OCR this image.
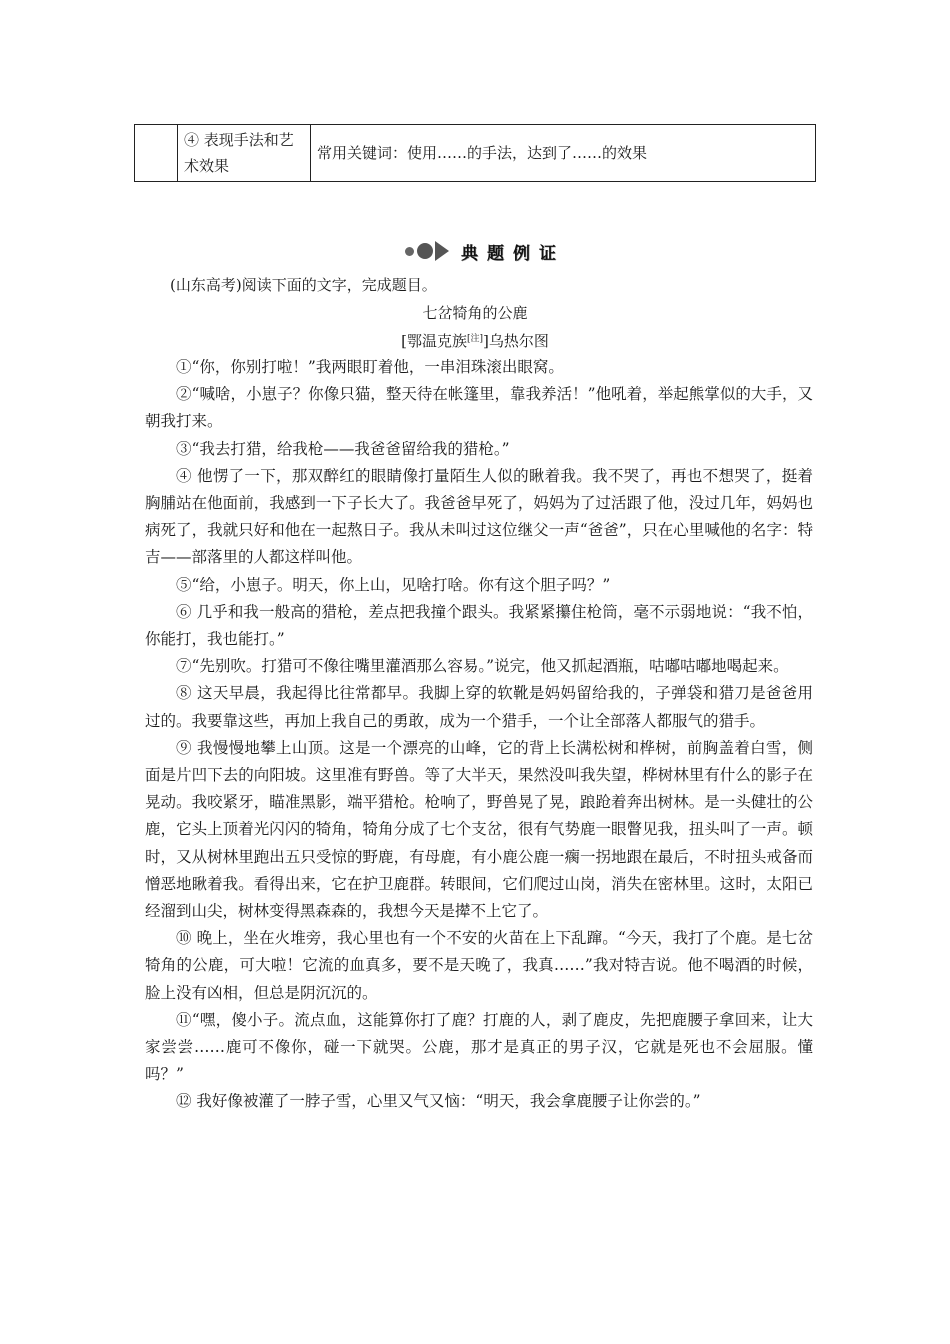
	④ 表现手法和艺术效果	常用关键词：使用……的手法，达到了……的效果
典题例证
(山东高考)阅读下面的文字，完成题目。
七岔犄角的公鹿
[鄂温克族[注]]乌热尔图

①“你，你别打啦！”我两眼盯着他，一串泪珠滚出眼窝。

②“喊啥，小崽子？你像只猫，整天待在帐篷里，靠我养活！”他吼着，举起熊掌似的大手，又朝我打来。

③“我去打猎，给我枪——我爸爸留给我的猎枪。”

④ 他愣了一下，那双醉红的眼睛像打量陌生人似的瞅着我。我不哭了，再也不想哭了，挺着胸脯站在他面前，我感到一下子长大了。我爸爸早死了，妈妈为了过活跟了他，没过几年，妈妈也病死了，我就只好和他在一起熬日子。我从未叫过这位继父一声“爸爸”，只在心里喊他的名字：特吉——部落里的人都这样叫他。

⑤“给，小崽子。明天，你上山，见啥打啥。你有这个胆子吗？”

⑥ 几乎和我一般高的猎枪，差点把我撞个跟头。我紧紧攥住枪筒，毫不示弱地说：“我不怕，你能打，我也能打。”

⑦“先别吹。打猎可不像往嘴里灌酒那么容易。”说完，他又抓起酒瓶，咕嘟咕嘟地喝起来。

⑧ 这天早晨，我起得比往常都早。我脚上穿的软靴是妈妈留给我的，子弹袋和猎刀是爸爸用过的。我要靠这些，再加上我自己的勇敢，成为一个猎手，一个让全部落人都服气的猎手。

⑨ 我慢慢地攀上山顶。这是一个漂亮的山峰，它的背上长满松树和桦树，前胸盖着白雪，侧面是片凹下去的向阳坡。这里准有野兽。等了大半天，果然没叫我失望，桦树林里有什么的影子在晃动。我咬紧牙，瞄准黑影，端平猎枪。枪响了，野兽晃了晃，踉跄着奔出树林。是一头健壮的公鹿，它头上顶着光闪闪的犄角，犄角分成了七个支岔，很有气势鹿一眼瞥见我，扭头叫了一声。顿时，又从树林里跑出五只受惊的野鹿，有母鹿，有小鹿公鹿一瘸一拐地跟在最后，不时扭头戒备而憎恶地瞅着我。看得出来，它在护卫鹿群。转眼间，它们爬过山岗，消失在密林里。这时，太阳已经溜到山尖，树林变得黑森森的，我想今天是撵不上它了。

⑩ 晚上，坐在火堆旁，我心里也有一个不安的火苗在上下乱蹿。“今天，我打了个鹿。是七岔犄角的公鹿，可大啦！它流的血真多，要不是天晚了，我真……”我对特吉说。他不喝酒的时候，脸上没有凶相，但总是阴沉沉的。

⑪“嘿，傻小子。流点血，这能算你打了鹿？打鹿的人，剥了鹿皮，先把鹿腰子拿回来，让大家尝尝……鹿可不像你，碰一下就哭。公鹿，那才是真正的男子汉，它就是死也不会屈服。懂吗？”

⑫ 我好像被灌了一脖子雪，心里又气又恼：“明天，我会拿鹿腰子让你尝的。”
